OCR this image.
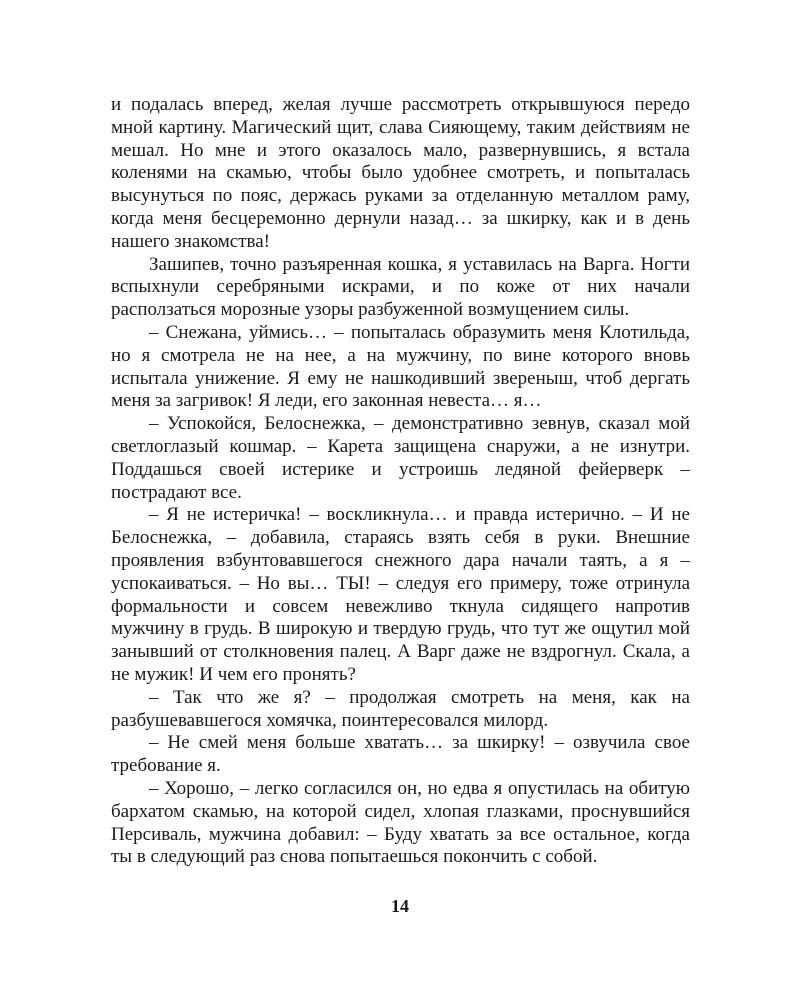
и подалась вперед, желая лучше рассмотреть открывшуюся передо мной картину. Магический щит, слава Сияющему, таким действиям не мешал. Но мне и этого оказалось мало, развернувшись, я встала коленями на скамью, чтобы было удобнее смотреть, и попыталась высунуться по пояс, держась руками за отделанную металлом раму, когда меня бесцеремонно дернули назад… за шкирку, как и в день нашего знакомства!

Зашипев, точно разъяренная кошка, я уставилась на Варга. Ногти вспыхнули серебряными искрами, и по коже от них начали расползаться морозные узоры разбуженной возмущением силы.

– Снежана, уймись… – попыталась образумить меня Клотильда, но я смотрела не на нее, а на мужчину, по вине которого вновь испытала унижение. Я ему не нашкодивший звереныш, чтоб дергать меня за загривок! Я леди, его законная невеста… я…

– Успокойся, Белоснежка, – демонстративно зевнув, сказал мой светлоглазый кошмар. – Карета защищена снаружи, а не изнутри. Поддашься своей истерике и устроишь ледяной фейерверк – пострадают все.

– Я не истеричка! – воскликнула… и правда истерично. – И не Белоснежка, – добавила, стараясь взять себя в руки. Внешние проявления взбунтовавшегося снежного дара начали таять, а я – успокаиваться. – Но вы… ТЫ! – следуя его примеру, тоже отринула формальности и совсем невежливо ткнула сидящего напротив мужчину в грудь. В широкую и твердую грудь, что тут же ощутил мой занывший от столкновения палец. А Варг даже не вздрогнул. Скала, а не мужик! И чем его пронять?

– Так что же я? – продолжая смотреть на меня, как на разбушевавшегося хомячка, поинтересовался милорд.

– Не смей меня больше хватать… за шкирку! – озвучила свое требование я.

– Хорошо, – легко согласился он, но едва я опустилась на обитую бархатом скамью, на которой сидел, хлопая глазками, проснувшийся Персиваль, мужчина добавил: – Буду хватать за все остальное, когда ты в следующий раз снова попытаешься покончить с собой.

14
